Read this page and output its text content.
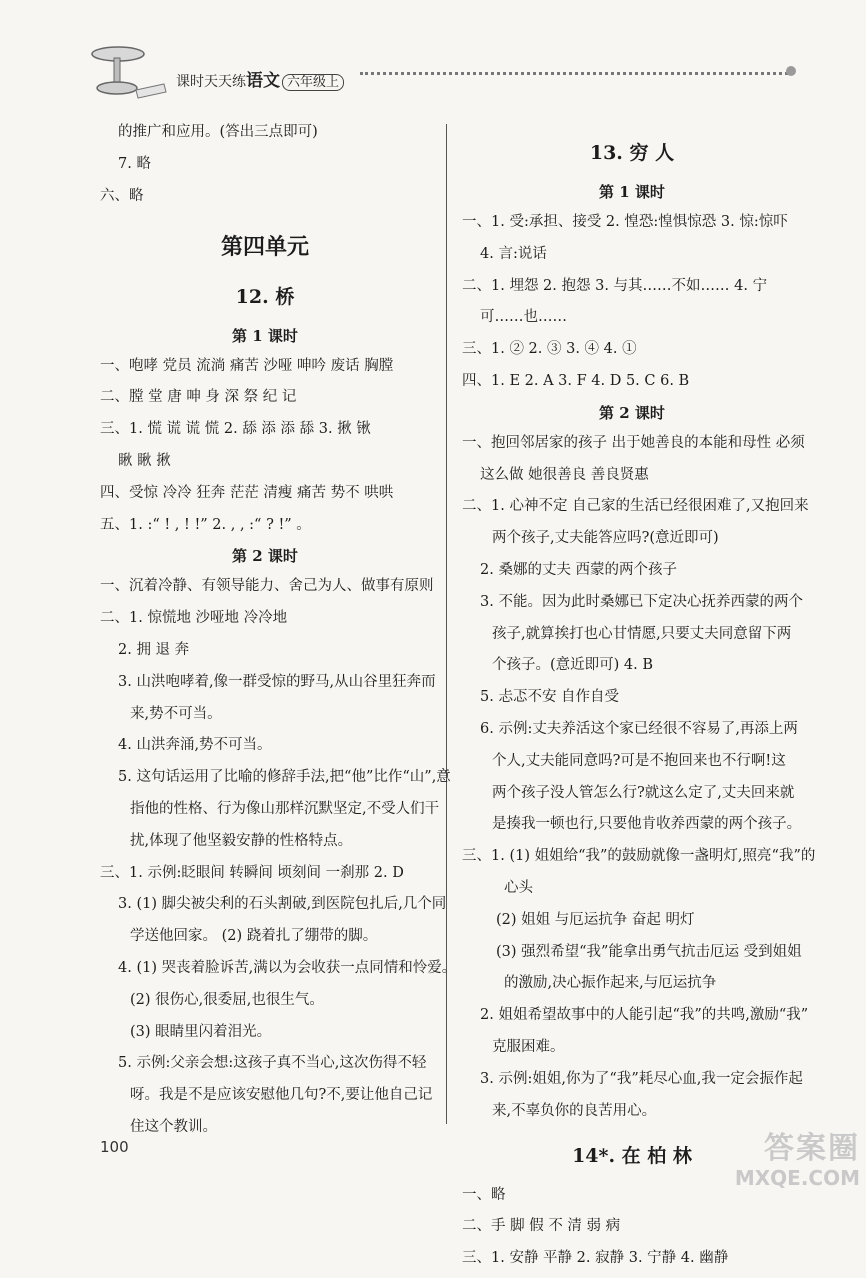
课时天天练语文 六年级上
的推广和应用。(答出三点即可)
7. 略
六、略
第四单元
12. 桥
第 1 课时
一、咆哮 党员 流淌 痛苦 沙哑 呻吟 废话 胸膛
二、膛 堂 唐 呻 身 深 祭 纪 记
三、1. 慌 谎 谎 慌 2. 舔 添 添 舔 3. 揪 锹
瞅 瞅 揪
四、受惊 冷冷 狂奔 茫茫 清瘦 痛苦 势不 哄哄
五、1. :“ ! , ! !” 2. , , :“ ? !” 。
第 2 课时
一、沉着冷静、有领导能力、舍己为人、做事有原则
二、1. 惊慌地 沙哑地 冷冷地
2. 拥 退 奔
3. 山洪咆哮着,像一群受惊的野马,从山谷里狂奔而
来,势不可当。
4. 山洪奔涌,势不可当。
5. 这句话运用了比喻的修辞手法,把“他”比作“山”,意
指他的性格、行为像山那样沉默坚定,不受人们干
扰,体现了他坚毅安静的性格特点。
三、1. 示例:眨眼间 转瞬间 顷刻间 一刹那 2. D
3. (1) 脚尖被尖利的石头割破,到医院包扎后,几个同
学送他回家。 (2) 跷着扎了绷带的脚。
4. (1) 哭丧着脸诉苦,满以为会收获一点同情和怜爱。
(2) 很伤心,很委屈,也很生气。
(3) 眼睛里闪着泪光。
5. 示例:父亲会想:这孩子真不当心,这次伤得不轻
呀。我是不是应该安慰他几句?不,要让他自己记
住这个教训。
13. 穷 人
第 1 课时
一、1. 受:承担、接受 2. 惶恐:惶惧惊恐 3. 惊:惊吓
4. 言:说话
二、1. 埋怨 2. 抱怨 3. 与其……不如…… 4. 宁
可……也……
三、1. ② 2. ③ 3. ④ 4. ①
四、1. E 2. A 3. F 4. D 5. C 6. B
第 2 课时
一、抱回邻居家的孩子 出于她善良的本能和母性 必须
这么做 她很善良 善良贤惠
二、1. 心神不定 自己家的生活已经很困难了,又抱回来
两个孩子,丈夫能答应吗?(意近即可)
2. 桑娜的丈夫 西蒙的两个孩子
3. 不能。因为此时桑娜已下定决心抚养西蒙的两个
孩子,就算挨打也心甘情愿,只要丈夫同意留下两
个孩子。(意近即可) 4. B
5. 忐忑不安 自作自受
6. 示例:丈夫养活这个家已经很不容易了,再添上两
个人,丈夫能同意吗?可是不抱回来也不行啊!这
两个孩子没人管怎么行?就这么定了,丈夫回来就
是揍我一顿也行,只要他肯收养西蒙的两个孩子。
三、1. (1) 姐姐给“我”的鼓励就像一盏明灯,照亮“我”的
心头
(2) 姐姐 与厄运抗争 奋起 明灯
(3) 强烈希望“我”能拿出勇气抗击厄运 受到姐姐
的激励,决心振作起来,与厄运抗争
2. 姐姐希望故事中的人能引起“我”的共鸣,激励“我”
克服困难。
3. 示例:姐姐,你为了“我”耗尽心血,我一定会振作起
来,不辜负你的良苦用心。
14*. 在 柏 林
一、略
二、手 脚 假 不 清 弱 病
三、1. 安静 平静 2. 寂静 3. 宁静 4. 幽静
100	答案圈
MXQE.COM
